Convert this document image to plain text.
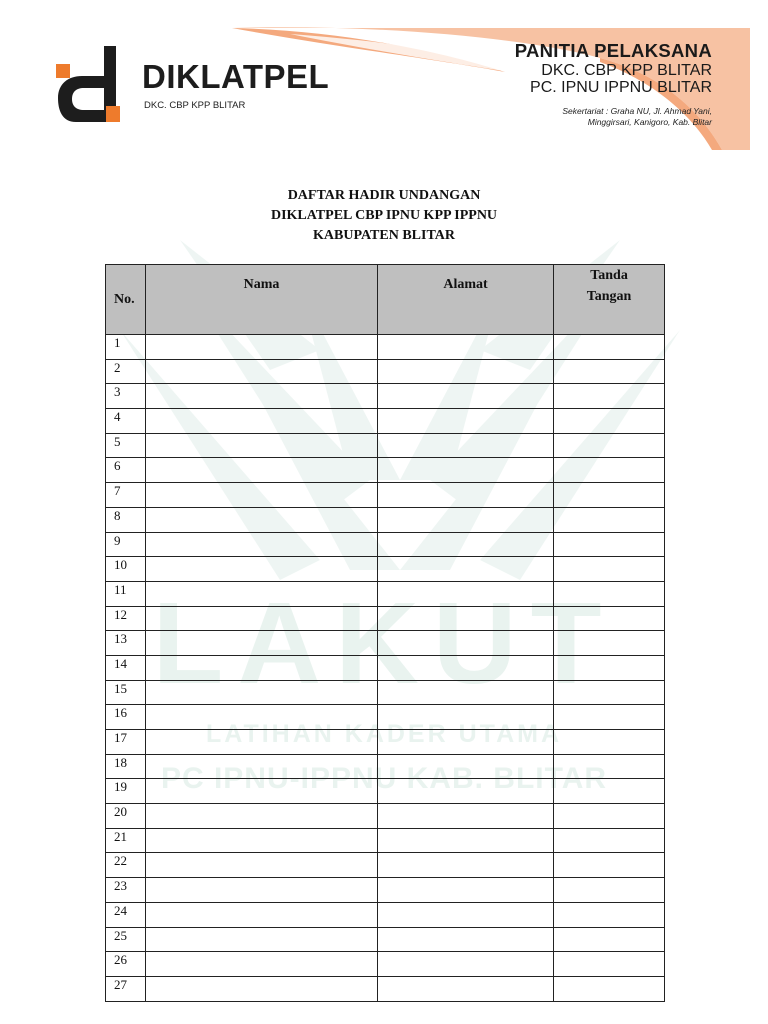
DIKLATPEL
DKC. CBP KPP BLITAR
PANITIA PELAKSANA
DKC. CBP KPP BLITAR
PC. IPNU IPPNU BLITAR
Sekertariat : Graha NU, Jl. Ahmad Yani,
Minggirsari, Kanigoro, Kab. Blitar
LAKUT
LATIHAN KADER UTAMA
PC IPNU-IPPNU KAB. BLITAR
DAFTAR HADIR UNDANGAN
DIKLATPEL CBP IPNU KPP IPPNU
KABUPATEN BLITAR
No.	Nama	Alamat	Tanda
Tangan

1			
2			
3			
4			
5			
6			
7			
8			
9			
10			
11			
12			
13			
14			
15			
16			
17			
18			
19			
20			
21			
22			
23			
24			
25			
26			
27			
